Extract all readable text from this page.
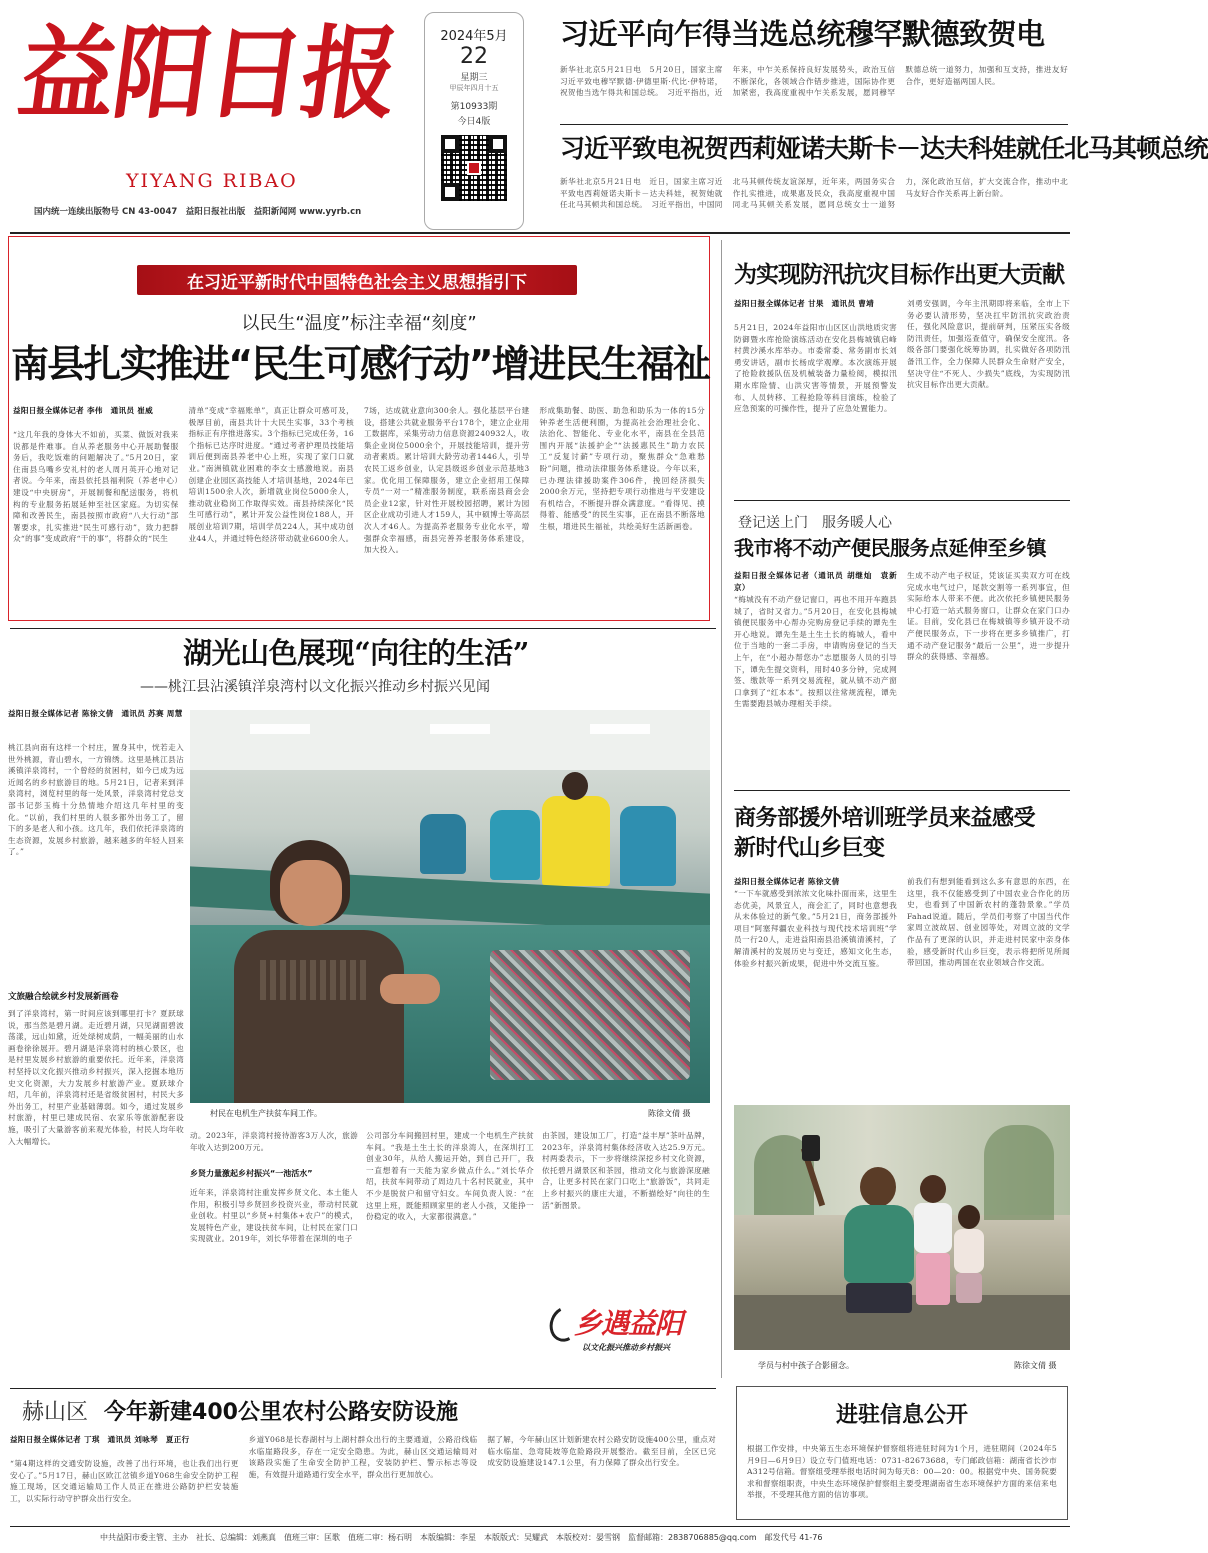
益阳日报
YIYANG RIBAO
国内统一连续出版物号 CN 43-0047　益阳日报社出版　益阳新闻网 www.yyrb.cn
2024年5月
22
星期三
甲辰年四月十五
第10933期
今日4版
习近平向乍得当选总统穆罕默德致贺电
新华社北京5月21日电　5月20日，国家主席习近平致电穆罕默德·伊德里斯·代比·伊特诺，祝贺他当选乍得共和国总统。　习近平指出，近年来，中乍关系保持良好发展势头，政治互信不断深化，各领域合作错步推进，国际协作更加紧密，我高度重视中乍关系发展，愿同穆罕默德总统一道努力，加强和互支持，推进友好合作，更好造福两国人民。
习近平致电祝贺西莉娅诺夫斯卡－达夫科娃就任北马其顿总统
新华社北京5月21日电　近日，国家主席习近平致电西莉娅诺夫斯卡－达夫科娃，祝贺她就任北马其顿共和国总统。　习近平指出，中国同北马其顿传统友谊深厚，近年来，两国务实合作扎实推进，成果惠及民众，我高度重视中国同北马其顿关系发展，愿同总统女士一道努力，深化政治互信，扩大交流合作，推动中北马友好合作关系再上新台阶。
在习近平新时代中国特色社会主义思想指引下
以民生“温度”标注幸福“刻度”
南县扎实推进“民生可感行动”增进民生福祉
益阳日报全媒体记者 李伟　通讯员 崔威
“这几年我的身体大不如前，买菜、做饭对我来说都是件难事。自从养老服务中心开展助餐服务后，我吃饭难的问题解决了。”5月20日，家住南县乌嘴乡安礼村的老人周月英开心地对记者说。今年来，南县依托县福利院（养老中心）建设“中央厨房”，开展制餐和配送服务，将机构的专业服务拓展延伸至社区家庭。为切实保障和改善民生，南县按照市政府“八大行动”部署要求，扎实推进“民生可感行动”，致力把群众“的事”变成政府“干的事”，将群众的“民生
清单”变成“幸福账单”，真正让群众可感可及，极厚目前，南县共计十大民生实事，33个考核指标正有序推进落实。3个指标已完成任务，16个指标已达序时进度。“通过考者护理员技能培训后便到南县养老中心上班，实现了家门口就业。”南洲镇就业困难的李女士感激地说。南县创建企业园区高技能人才培训基地，2024年已培训1500余人次，新增就业岗位5000余人，推动就业稳岗工作取得实效。南县持续深化“民生可感行动”，累计开发公益性岗位188人，开展创业培训7期，培训学员224人，其中成功创业44人，并通过特色经济带动就业6600余人。
7场，达成就业意向300余人。强化基层平台建设，搭建公共就业服务平台178个，建立企业用工数据库，采集劳动力信息资源240932人，收集企业岗位5000余个，开展技能培训，提升劳动者素质。累计培训大龄劳动者1446人，引导农民工返乡创业，认定县级返乡创业示范基地3家。优化用工保障服务，建立企业招用工保障专员“一对一”精准服务制度，联系南县商会会员企业12家，针对性开展校园招聘，累计为园区企业成功引进人才159人，其中硕博士等高层次人才46人。为提高养老服务专业化水平，增强群众幸福感，南县完善养老服务体系建设，加大投入。
形成集助餐、助医、助急和助乐为一体的15分钟养老生活便利圈，为提高社会治理社会化、法治化、智能化、专业化水平，南县在全县范围内开展“法援护企”“法援惠民生”助力农民工“反复讨薪”专项行动，聚焦群众“急难愁盼”问题，推动法律服务体系建设。今年以来，已办理法律援助案件306件，挽回经济损失2000余万元，坚持把专项行动推进与平安建设有机结合，不断提升群众满意度。“看得见、摸得着、能感受”的民生实事，正在南县不断落地生根，增进民生福祉，共绘美好生活新画卷。
为实现防汛抗灾目标作出更大贡献
益阳日报全媒体记者 甘果　通讯员 曹靖
5月21日，2024年益阳市山区区山洪地质灾害防御暨水库抢险演练活动在安化县梅城镇启峰村黄沙溪水库举办。市委常委、常务副市长刘勇安讲话，副市长杨成学观摩。本次演练开展了抢险救援队伍及机械装备力量检阅，模拟汛期水库险情、山洪灾害等情景，开展预警发布、人员转移、工程抢险等科目演练，检验了应急预案的可操作性，提升了应急处置能力。
刘勇安强调，今年主汛期即将来临，全市上下务必要认清形势，坚决扛牢防汛抗灾政治责任，强化风险意识，提前研判，压紧压实各级防汛责任，加强巡查值守，确保安全度汛。各级各部门要强化统筹协调，扎实做好各项防汛备汛工作，全力保障人民群众生命财产安全，坚决守住“不死人、少损失”底线，为实现防汛抗灾目标作出更大贡献。
登记送上门　服务暖人心
我市将不动产便民服务点延伸至乡镇
益阳日报全媒体记者（通讯员 胡继灿　袁新京）
“梅城没有不动产登记窗口，再也不用开车跑县城了，省时又省力。”5月20日，在安化县梅城镇便民服务中心帮办完购房登记手续的谭先生开心地说。谭先生是土生土长的梅城人，看中位于当地的一套二手房，申请购房登记的当天上午，在“小超办帮您办”志愿服务人员的引导下，谭先生提交资料，用时40多分钟，完成网签、缴款等一系列交易流程，就从镇不动产窗口拿到了“红本本”。按照以往常规流程，谭先生需要跑县城办理相关手续。
生成不动产电子权证，凭该证买卖双方可在线完成水电气过户，尾款交割等一系列事宜，但实际给本人带来不便。此次依托乡镇便民服务中心打造一站式服务窗口，让群众在家门口办证。目前，安化县已在梅城镇等乡镇开设不动产便民服务点，下一步将在更多乡镇推广，打通不动产登记服务“最后一公里”，进一步提升群众的获得感、幸福感。
商务部援外培训班学员来益感受新时代山乡巨变
益阳日报全媒体记者 陈徐文倩
“一下车就感受到浓浓文化味扑面而来，这里生态优美，风景宜人，商会汇了，同时也意想我从未体验过的新气象。”5月21日，商务部援外项目“阿塞拜疆农业科技与现代技术培训班”学员一行20人，走进益阳南县沿溪镇清溪村，了解清溪村的发展历史与变迁，感知文化生态，体验乡村振兴新成果，促进中外交流互鉴。
前我们有想到能看到这么多有意思的东西，在这里，我不仅能感受到了中国农业合作化的历史，也看到了中国新农村的蓬勃景象。”学员Fahad说道。随后，学员们考察了中国当代作家周立波故居、创业园等处，对周立波的文学作品有了更深的认识，并走进村民家中亲身体验，感受新时代山乡巨变，表示将把所见所闻带回国，推动两国在农业领域合作交流。
学员与村中孩子合影留念。	陈徐文倩 摄
湖光山色展现“向往的生活”
——桃江县沾溪镇洋泉湾村以文化振兴推动乡村振兴见闻
益阳日报全媒体记者 陈徐文倩　通讯员 苏赛 周慧
桃江县向南有这样一个村庄，置身其中，恍若走入世外桃源，青山碧水，一方锦绣。这里是桃江县沾溪镇洋泉湾村，一个曾经的贫困村，如今已成为远近闻名的乡村旅游目的地。5月21日，记者来到洋泉湾村，浏览村里的每一处风景，洋泉湾村党总支部书记彭玉梅十分热情地介绍这几年村里的变化。“以前，我们村里的人很多都外出务工了，留下的多是老人和小孩。这几年，我们依托洋泉湾的生态资源，发展乡村旅游，越来越多的年轻人回来了。”
文旅融合绘就乡村发展新画卷
到了洋泉湾村，第一时间应该到哪里打卡？夏跃球说，那当然是碧月湖。走近碧月湖，只见湖面碧波荡漾，远山如黛，近处绿树成荫，一幅美丽的山水画卷徐徐展开。碧月湖是洋泉湾村的核心景区，也是村里发展乡村旅游的重要依托。近年来，洋泉湾村坚持以文化振兴推动乡村振兴，深入挖掘本地历史文化资源，大力发展乡村旅游产业。夏跃球介绍，几年前，洋泉湾村还是省级贫困村，村民大多外出务工，村里产业基础薄弱。如今，通过发展乡村旅游，村里已建成民宿、农家乐等旅游配套设施，吸引了大量游客前来观光体验，村民人均年收入大幅增长。
村民在电机生产扶贫车间工作。	陈徐文倩 摄
动。2023年，洋泉湾村接待游客3万人次，旅游年收入达到200万元。
乡贤力量激起乡村振兴“一池活水”
近年来，洋泉湾村注重发挥乡贤文化、本土能人作用，积极引导乡贤回乡投资兴业，带动村民就业创收。村里以“乡贤+村集体+农户”的模式，发展特色产业，建设扶贫车间，让村民在家门口实现就业。2019年，刘长华带着在深圳的电子
公司部分车间搬回村里，建成一个电机生产扶贫车间。“我是土生土长的洋泉湾人，在深圳打工创业30年，从给人搬运开始，到自己开厂，我一直想着有一天能为家乡做点什么。”刘长华介绍，扶贫车间带动了周边几十名村民就业，其中不少是脱贫户和留守妇女。车间负责人说：“在这里上班，既能照顾家里的老人小孩，又能挣一份稳定的收入，大家都很满意。”
由茶园，建设加工厂，打造“益丰厚”茶叶品牌，2023年，洋泉湾村集体经济收入达25.9万元。村两委表示，下一步将继续深挖乡村文化资源，依托碧月湖景区和茶园，推动文化与旅游深度融合，让更多村民在家门口吃上“旅游饭”，共同走上乡村振兴的康庄大道，不断描绘好“向往的生活”新图景。
乡遇益阳
以文化振兴推动乡村振兴
赫山区 今年新建400公里农村公路安防设施
益阳日报全媒体记者 丁琪　通讯员 刘咏琴　夏正行
“第4期这样的交通安防设施，改善了出行环境，也让我们出行更安心了。”5月17日，赫山区欧江岔镇乡道Y068生命安全防护工程施工现场，区交通运输局工作人员正在推进公路防护栏安装施工，以实际行动守护群众出行安全。
乡道Y068是长春湖村与上湖村群众出行的主要通道，公路沿线临水临崖路段多，存在一定安全隐患。为此，赫山区交通运输局对该路段实施了生命安全防护工程，安装防护栏、警示标志等设施，有效提升道路通行安全水平，群众出行更加放心。
据了解，今年赫山区计划新建农村公路安防设施400公里，重点对临水临崖、急弯陡坡等危险路段开展整治。截至目前，全区已完成安防设施建设147.1公里，有力保障了群众出行安全。
进驻信息公开
根据工作安排，中央第五生态环境保护督察组将进驻时间为1个月，进驻期间（2024年5月9日—6月9日）设立专门值班电话：0731-82673688，专门邮政信箱：湖南省长沙市A312号信箱。督察组受理举报电话时间为每天8：00—20：00。根据党中央、国务院要求和督察组职责，中央生态环境保护督察组主要受理湖南省生态环境保护方面的来信来电举报，不受理其他方面的信访事项。
中共益阳市委主管、主办　社长、总编辑：刘燕真　值班三审：匡歌　值班二审：杨石明　本版编辑：李星　本版版式：吴耀武　本版校对：晏雪钢　监督邮箱：2838706885@qq.com　邮发代号 41-76
